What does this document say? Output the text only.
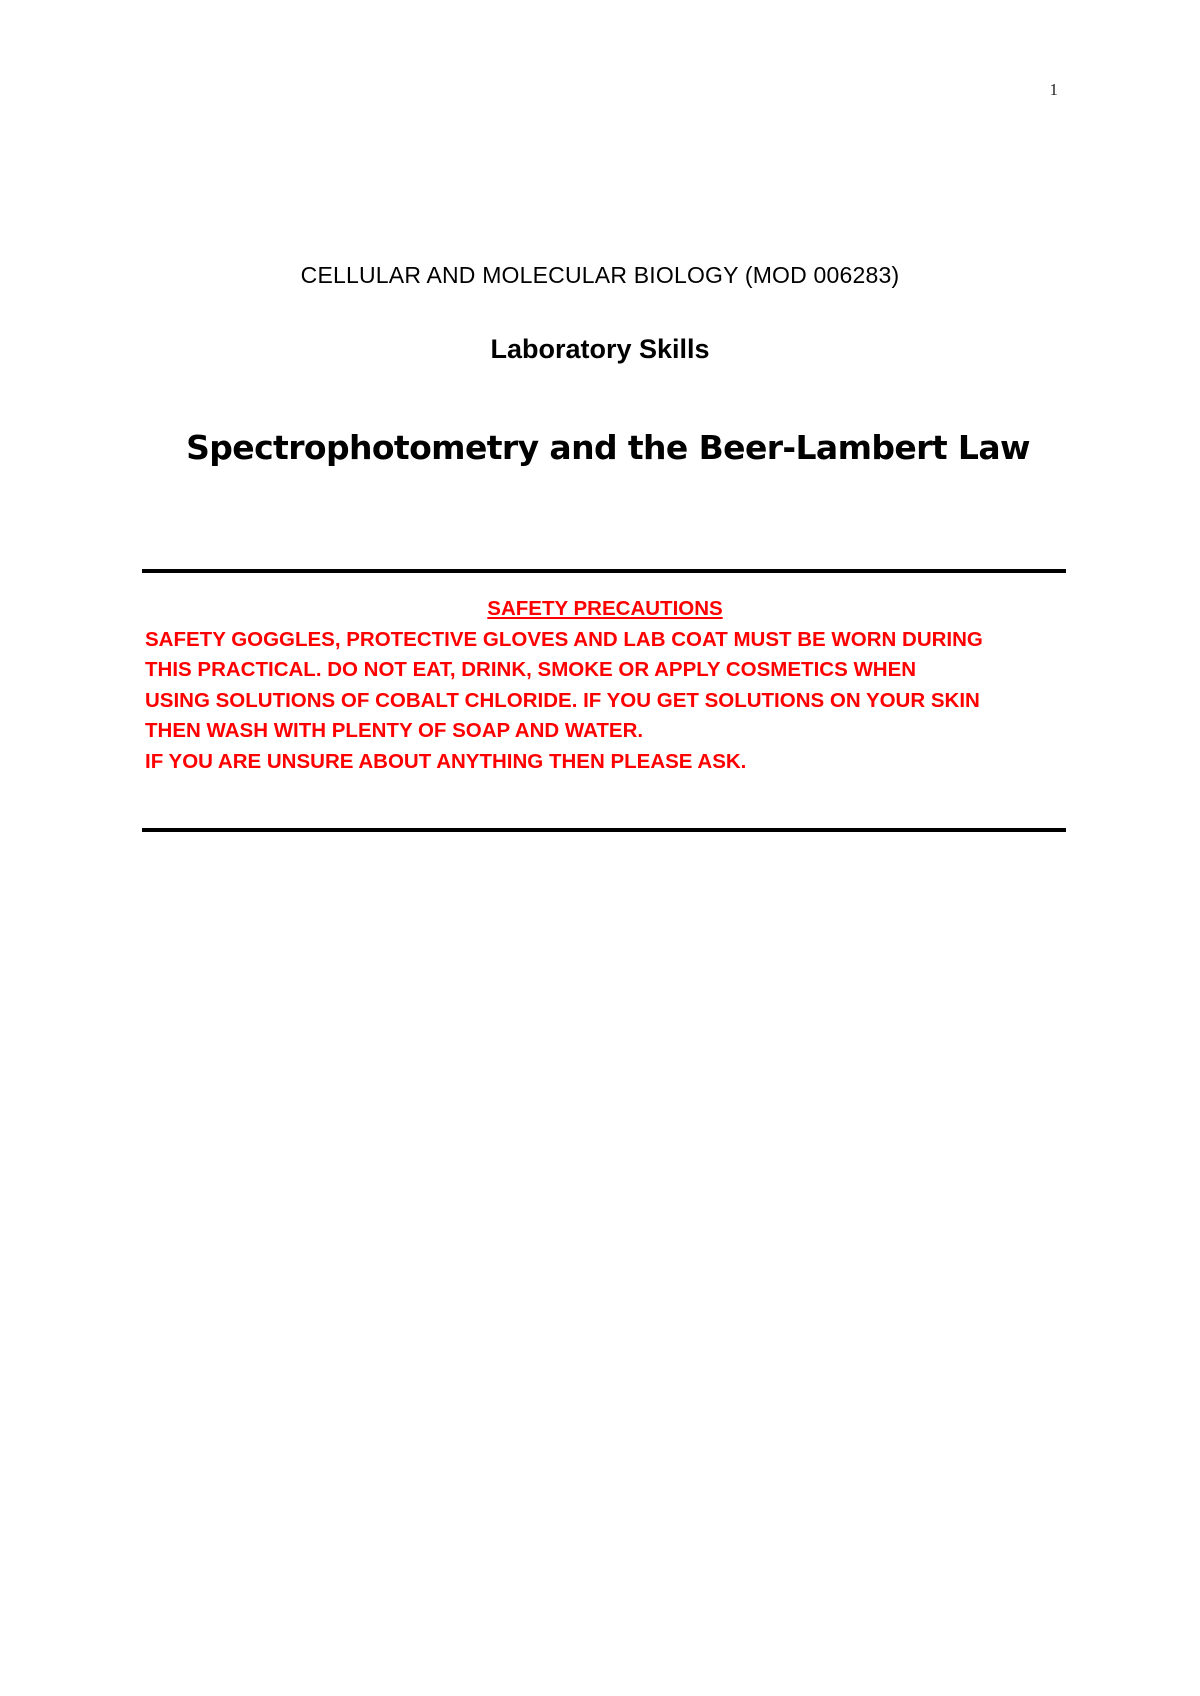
1
CELLULAR AND MOLECULAR BIOLOGY (MOD 006283)
Laboratory Skills
Spectrophotometry and the Beer-Lambert Law
SAFETY PRECAUTIONS

SAFETY GOGGLES, PROTECTIVE GLOVES AND LAB COAT MUST BE WORN DURING THIS PRACTICAL. DO NOT EAT, DRINK, SMOKE OR APPLY COSMETICS WHEN USING SOLUTIONS OF COBALT CHLORIDE. IF YOU GET SOLUTIONS ON YOUR SKIN THEN WASH WITH PLENTY OF SOAP AND WATER.

IF YOU ARE UNSURE ABOUT ANYTHING THEN PLEASE ASK.
